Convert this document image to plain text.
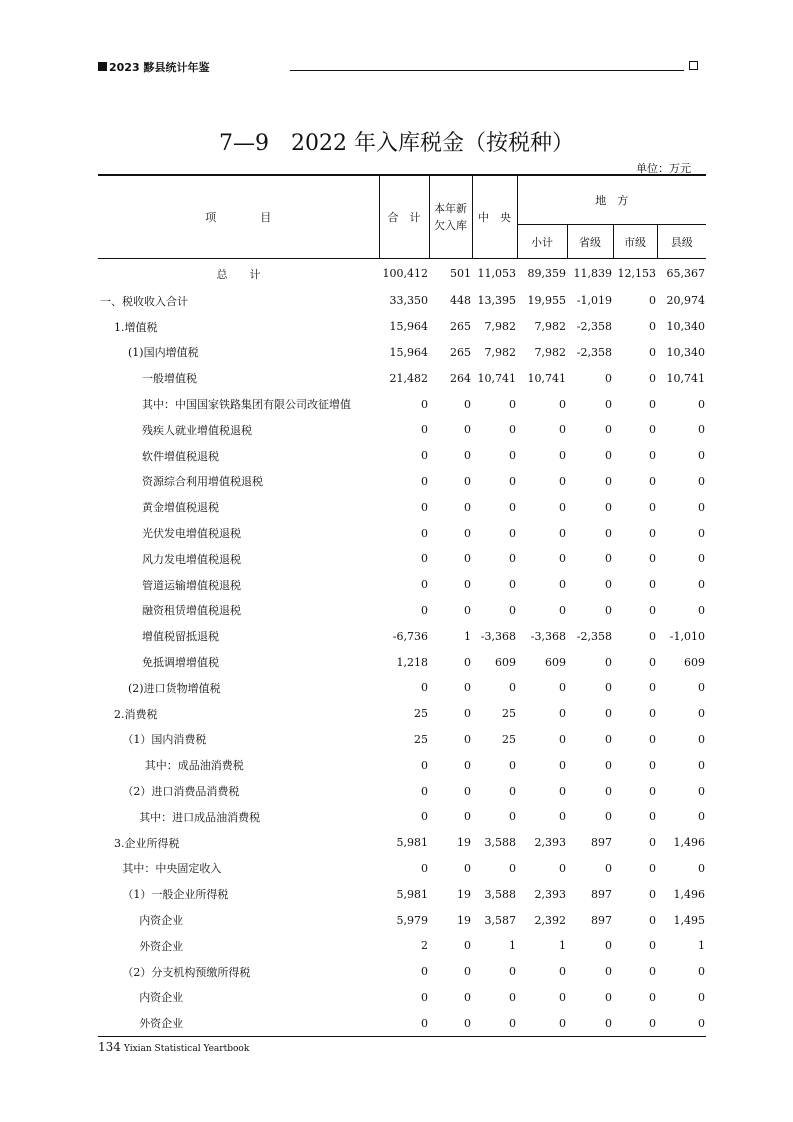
2023 黟县统计年鉴
7—9　2022 年入库税金（按税种）
单位：万元
项　　　　目	合　计	本年新
欠入库	中　央	地　方			
				小计	省级	市级	县级
总　　计	100,412	501	11,053	89,359	11,839	12,153	65,367
一、税收收入合计	33,350	448	13,395	19,955	-1,019	0	20,974
1.增值税	15,964	265	7,982	7,982	-2,358	0	10,340
(1)国内增值税	15,964	265	7,982	7,982	-2,358	0	10,340
一般增值税	21,482	264	10,741	10,741	0	0	10,741
其中：中国国家铁路集团有限公司改征增值	0	0	0	0	0	0	0
残疾人就业增值税退税	0	0	0	0	0	0	0
软件增值税退税	0	0	0	0	0	0	0
资源综合利用增值税退税	0	0	0	0	0	0	0
黄金增值税退税	0	0	0	0	0	0	0
光伏发电增值税退税	0	0	0	0	0	0	0
风力发电增值税退税	0	0	0	0	0	0	0
管道运输增值税退税	0	0	0	0	0	0	0
融资租赁增值税退税	0	0	0	0	0	0	0
增值税留抵退税	-6,736	1	-3,368	-3,368	-2,358	0	-1,010
免抵调增增值税	1,218	0	609	609	0	0	609
(2)进口货物增值税	0	0	0	0	0	0	0
2.消费税	25	0	25	0	0	0	0
（1）国内消费税	25	0	25	0	0	0	0
其中：成品油消费税	0	0	0	0	0	0	0
（2）进口消费品消费税	0	0	0	0	0	0	0
其中：进口成品油消费税	0	0	0	0	0	0	0
3.企业所得税	5,981	19	3,588	2,393	897	0	1,496
其中：中央固定收入	0	0	0	0	0	0	0
（1）一般企业所得税	5,981	19	3,588	2,393	897	0	1,496
内资企业	5,979	19	3,587	2,392	897	0	1,495
外资企业	2	0	1	1	0	0	1
（2）分支机构预缴所得税	0	0	0	0	0	0	0
内资企业	0	0	0	0	0	0	0
外资企业	0	0	0	0	0	0	0
134 Yixian Statistical Yeartbook
